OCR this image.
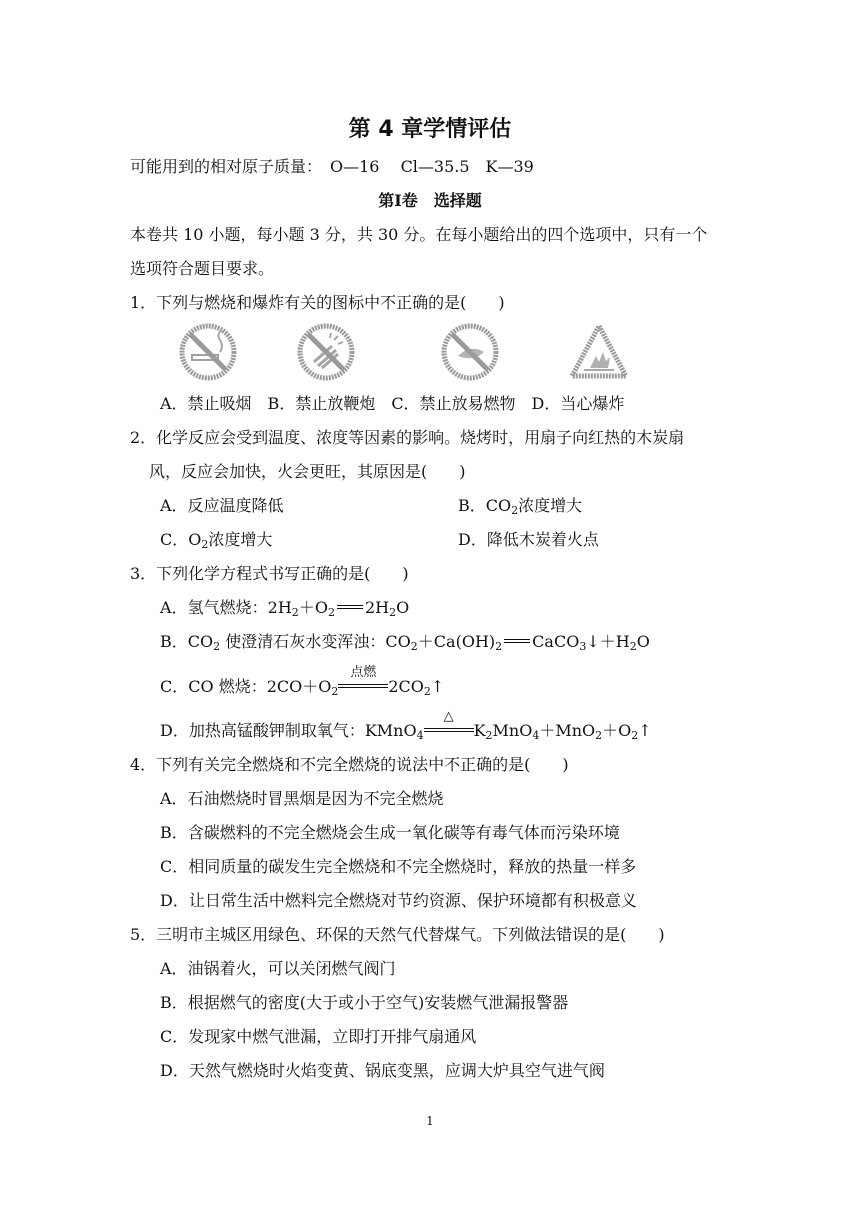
第 4 章学情评估
可能用到的相对原子质量：　O—16　 Cl—35.5　K—39
第Ⅰ卷　选择题
本卷共 10 小题，每小题 3 分，共 30 分。在每小题给出的四个选项中，只有一个
选项符合题目要求。
1．下列与燃烧和爆炸有关的图标中不正确的是(　　)
A．禁止吸烟　B．禁止放鞭炮　C．禁止放易燃物　D．当心爆炸
2．化学反应会受到温度、浓度等因素的影响。烧烤时，用扇子向红热的木炭扇
风，反应会加快，火会更旺，其原因是(　　)
A．反应温度降低	B．$CO_2$浓度增大
C．$O_2$浓度增大	D．降低木炭着火点
3．下列化学方程式书写正确的是(　　)
A．氢气燃烧：$2H_2+O_2$ $2H_2O$
B．$CO_2$ 使澄清石灰水变浑浊：$CO_2+Ca(OH)_2$ $CaCO_3↓+H_2O$
C．CO 燃烧：$2CO+O_2$
点燃
$2CO_2↑$
D．加热高锰酸钾制取氧气：KMnO$_4$
△
$K_2MnO_4+MnO_2+O_2↑$
4．下列有关完全燃烧和不完全燃烧的说法中不正确的是(　　)
A．石油燃烧时冒黑烟是因为不完全燃烧
B．含碳燃料的不完全燃烧会生成一氧化碳等有毒气体而污染环境
C．相同质量的碳发生完全燃烧和不完全燃烧时，释放的热量一样多
D．让日常生活中燃料完全燃烧对节约资源、保护环境都有积极意义
5．三明市主城区用绿色、环保的天然气代替煤气。下列做法错误的是(　　)
A．油锅着火，可以关闭燃气阀门
B．根据燃气的密度(大于或小于空气)安装燃气泄漏报警器
C．发现家中燃气泄漏，立即打开排气扇通风
D．天然气燃烧时火焰变黄、锅底变黑，应调大炉具空气进气阀
1
